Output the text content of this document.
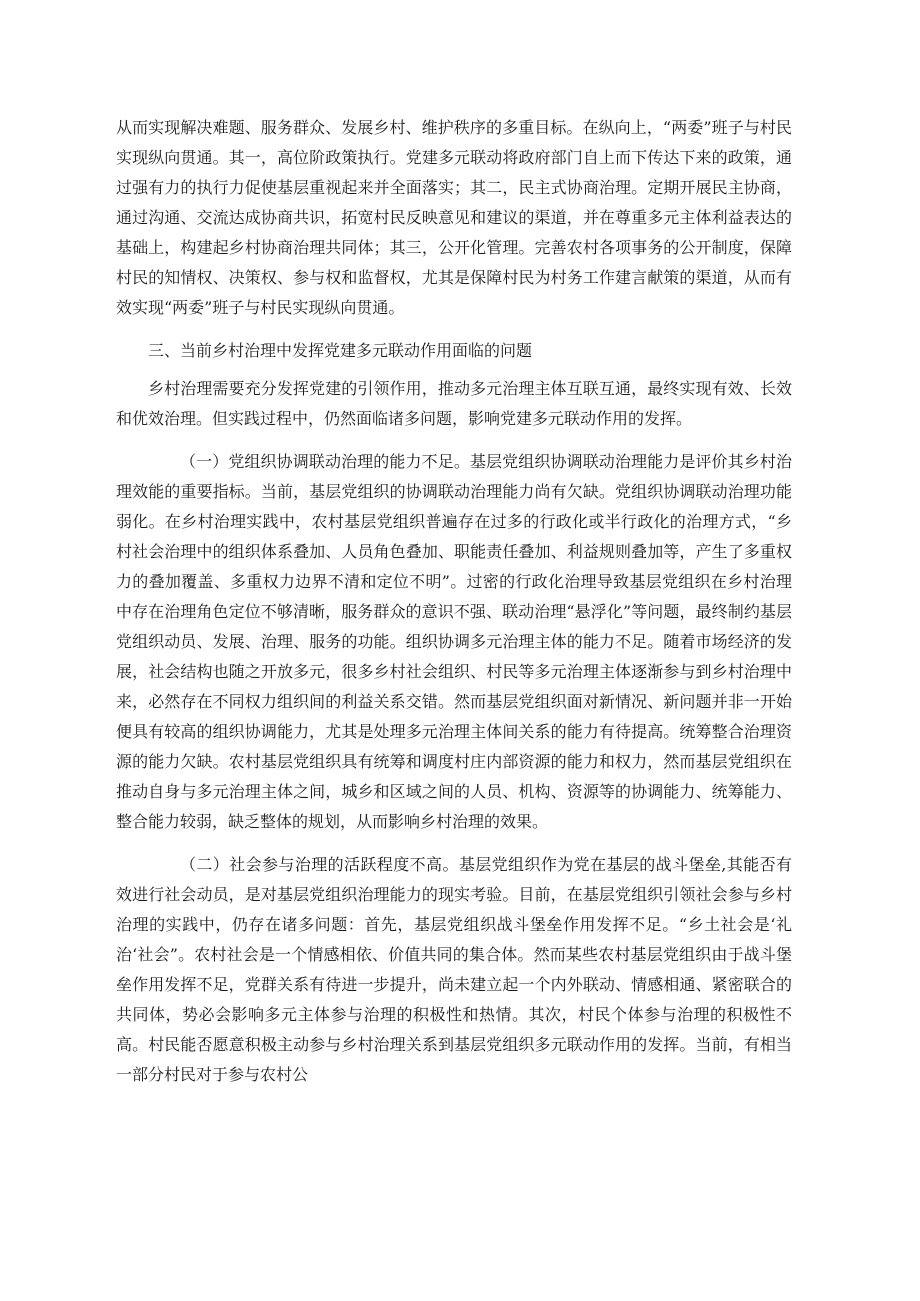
从而实现解决难题、服务群众、发展乡村、维护秩序的多重目标。在纵向上，“两委”班子与村民实现纵向贯通。其一，高位阶政策执行。党建多元联动将政府部门自上而下传达下来的政策，通过强有力的执行力促使基层重视起来并全面落实；其二，民主式协商治理。定期开展民主协商，通过沟通、交流达成协商共识，拓宽村民反映意见和建议的渠道，并在尊重多元主体利益表达的基础上，构建起乡村协商治理共同体；其三，公开化管理。完善农村各项事务的公开制度，保障村民的知情权、决策权、参与权和监督权，尤其是保障村民为村务工作建言献策的渠道，从而有效实现“两委”班子与村民实现纵向贯通。

三、当前乡村治理中发挥党建多元联动作用面临的问题

乡村治理需要充分发挥党建的引领作用，推动多元治理主体互联互通，最终实现有效、长效和优效治理。但实践过程中，仍然面临诸多问题，影响党建多元联动作用的发挥。

（一）党组织协调联动治理的能力不足。基层党组织协调联动治理能力是评价其乡村治理效能的重要指标。当前，基层党组织的协调联动治理能力尚有欠缺。党组织协调联动治理功能弱化。在乡村治理实践中，农村基层党组织普遍存在过多的行政化或半行政化的治理方式，“乡村社会治理中的组织体系叠加、人员角色叠加、职能责任叠加、利益规则叠加等，产生了多重权力的叠加覆盖、多重权力边界不清和定位不明”。过密的行政化治理导致基层党组织在乡村治理中存在治理角色定位不够清晰，服务群众的意识不强、联动治理“悬浮化”等问题，最终制约基层党组织动员、发展、治理、服务的功能。组织协调多元治理主体的能力不足。随着市场经济的发展，社会结构也随之开放多元，很多乡村社会组织、村民等多元治理主体逐渐参与到乡村治理中来，必然存在不同权力组织间的利益关系交错。然而基层党组织面对新情况、新问题并非一开始便具有较高的组织协调能力，尤其是处理多元治理主体间关系的能力有待提高。统筹整合治理资源的能力欠缺。农村基层党组织具有统筹和调度村庄内部资源的能力和权力，然而基层党组织在推动自身与多元治理主体之间，城乡和区域之间的人员、机构、资源等的协调能力、统筹能力、整合能力较弱，缺乏整体的规划，从而影响乡村治理的效果。

（二）社会参与治理的活跃程度不高。基层党组织作为党在基层的战斗堡垒,其能否有效进行社会动员，是对基层党组织治理能力的现实考验。目前，在基层党组织引领社会参与乡村治理的实践中，仍存在诸多问题：首先，基层党组织战斗堡垒作用发挥不足。“乡土社会是‘礼治‘社会”。农村社会是一个情感相依、价值共同的集合体。然而某些农村基层党组织由于战斗堡垒作用发挥不足，党群关系有待进一步提升，尚未建立起一个内外联动、情感相通、紧密联合的共同体，势必会影响多元主体参与治理的积极性和热情。其次，村民个体参与治理的积极性不高。村民能否愿意积极主动参与乡村治理关系到基层党组织多元联动作用的发挥。当前，有相当一部分村民对于参与农村公
